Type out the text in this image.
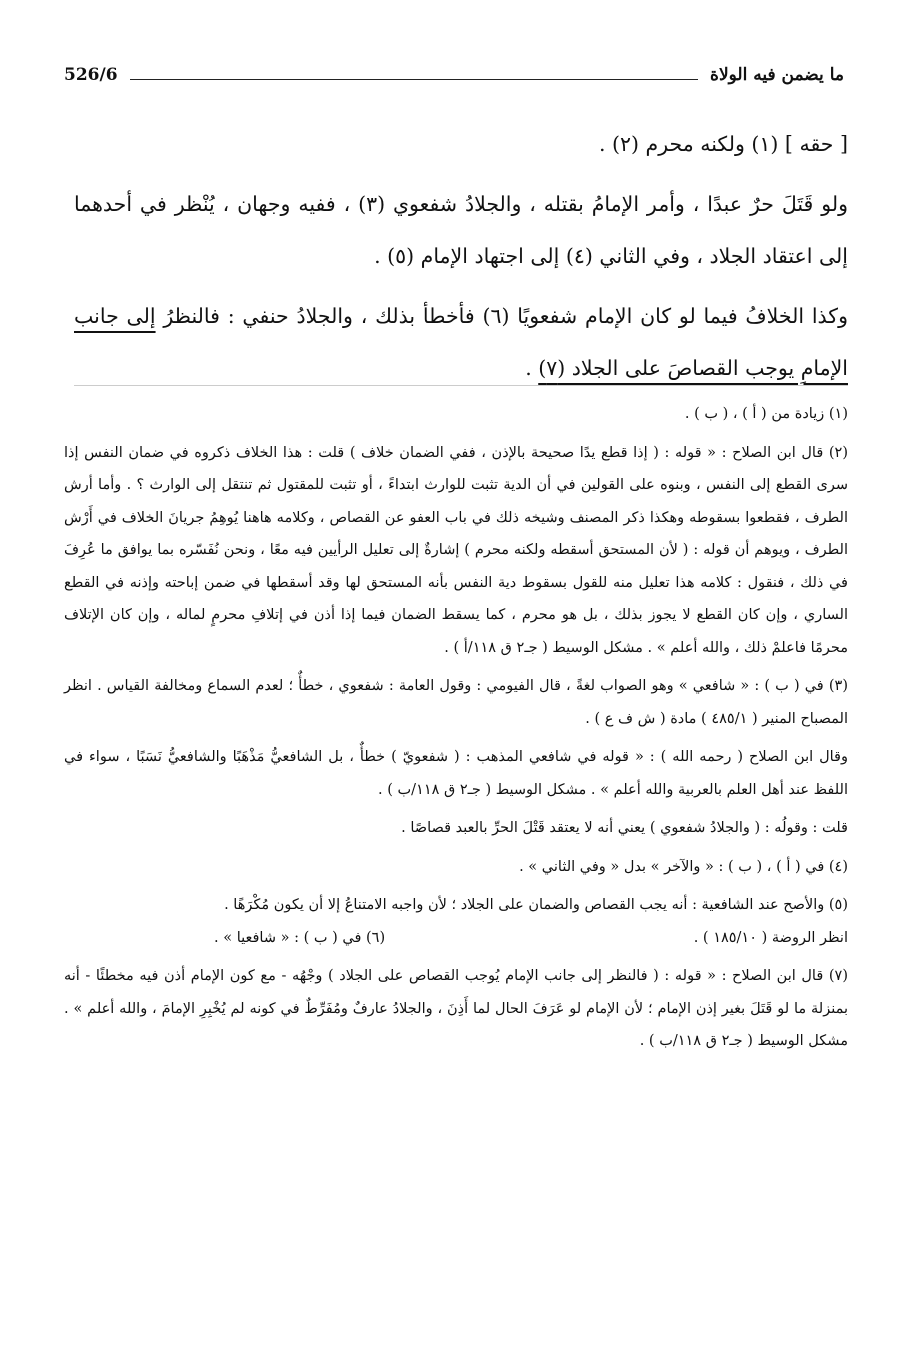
526/6	ما يضمن فيه الولاة

[ حقه ] (١) ولكنه محرم (٢) .

ولو قَتَلَ حرٌ عبدًا ، وأمر الإمامُ بقتله ، والجلادُ شفعوي (٣) ، ففيه وجهان ، يُنْظر في أحدهما إلى اعتقاد الجلاد ، وفي الثاني (٤) إلى اجتهاد الإمام (٥) .

وكذا الخلافُ فيما لو كان الإمام شفعويًا (٦) فأخطأ بذلك ، والجلادُ حنفي : فالنظرُ إلى جانب الإمامِ يوجب القصاصَ على الجلاد (٧) .

(١) زيادة من ( أ ) ، ( ب ) .

(٢) قال ابن الصلاح : « قوله : ( إذا قطع يدًا صحيحة بالإذن ، ففي الضمان خلاف ) قلت : هذا الخلاف ذكروه في ضمان النفس إذا سرى القطع إلى النفس ، وبنوه على القولين في أن الدية تثبت للوارث ابتداءً ، أو تثبت للمقتول ثم تنتقل إلى الوارث ؟ . وأما أرش الطرف ، فقطعوا بسقوطه وهكذا ذكر المصنف وشيخه ذلك في باب العفو عن القصاص ، وكلامه هاهنا يُوهِمُ جريانَ الخلاف في أَرْش الطرف ، ويوهم أن قوله : ( لأن المستحق أسقطه ولكنه محرم ) إشارةٌ إلى تعليل الرأيين فيه معًا ، ونحن نُفَسّره بما يوافق ما عُرِفَ في ذلك ، فنقول : كلامه هذا تعليل منه للقول بسقوط دية النفس بأنه المستحق لها وقد أسقطها في ضمن إباحته وإذنه في القطع الساري ، وإن كان القطع لا يجوز بذلك ، بل هو محرم ، كما يسقط الضمان فيما إذا أذن في إتلافِ محرمٍ لماله ، وإن كان الإتلاف محرمًا فاعلمْ ذلك ، والله أعلم » . مشكل الوسيط ( جـ٢ ق ١١٨/أ ) .

(٣) في ( ب ) : « شافعي » وهو الصواب لغةً ، قال الفيومي : وقول العامة : شفعوي ، خطأٌ ؛ لعدم السماع ومخالفة القياس . انظر المصباح المنير ( ٤٨٥/١ ) مادة ( ش ف ع ) .

وقال ابن الصلاح ( رحمه الله ) : « قوله في شافعي المذهب : ( شفعويّ ) خطأٌ ، بل الشافعيُّ مَذْهَبًا والشافعيُّ نَسَبًا ، سواء في اللفظ عند أهل العلم بالعربية والله أعلم » . مشكل الوسيط ( جـ٢ ق ١١٨/ب ) .

قلت : وقولُه : ( والجلادُ شفعوي ) يعني أنه لا يعتقد قَتْلَ الحرِّ بالعبد قصاصًا .

(٤) في ( أ ) ، ( ب ) : « والآخر » بدل « وفي الثاني » .

(٥) والأصح عند الشافعية : أنه يجب القصاص والضمان على الجلاد ؛ لأن واجبه الامتناعُ إلا أن يكون مُكْرَهًا .

انظر الروضة ( ١٨٥/١٠ ) .
(٦) في ( ب ) : « شافعيا » .

(٧) قال ابن الصلاح : « قوله : ( فالنظر إلى جانب الإمام يُوجب القصاص على الجلاد ) وجْهُه - مع كون الإمام أذن فيه مخطئًا - أنه بمنزلة ما لو قَتَلَ بغير إذن الإمام ؛ لأن الإمام لو عَرَفَ الحال لما أَذِنَ ، والجلادُ عارفٌ ومُفَرِّطٌ في كونه لم يُخْبِرِ الإمامَ ، والله أعلم » . مشكل الوسيط ( جـ٢ ق ١١٨/ب ) .
